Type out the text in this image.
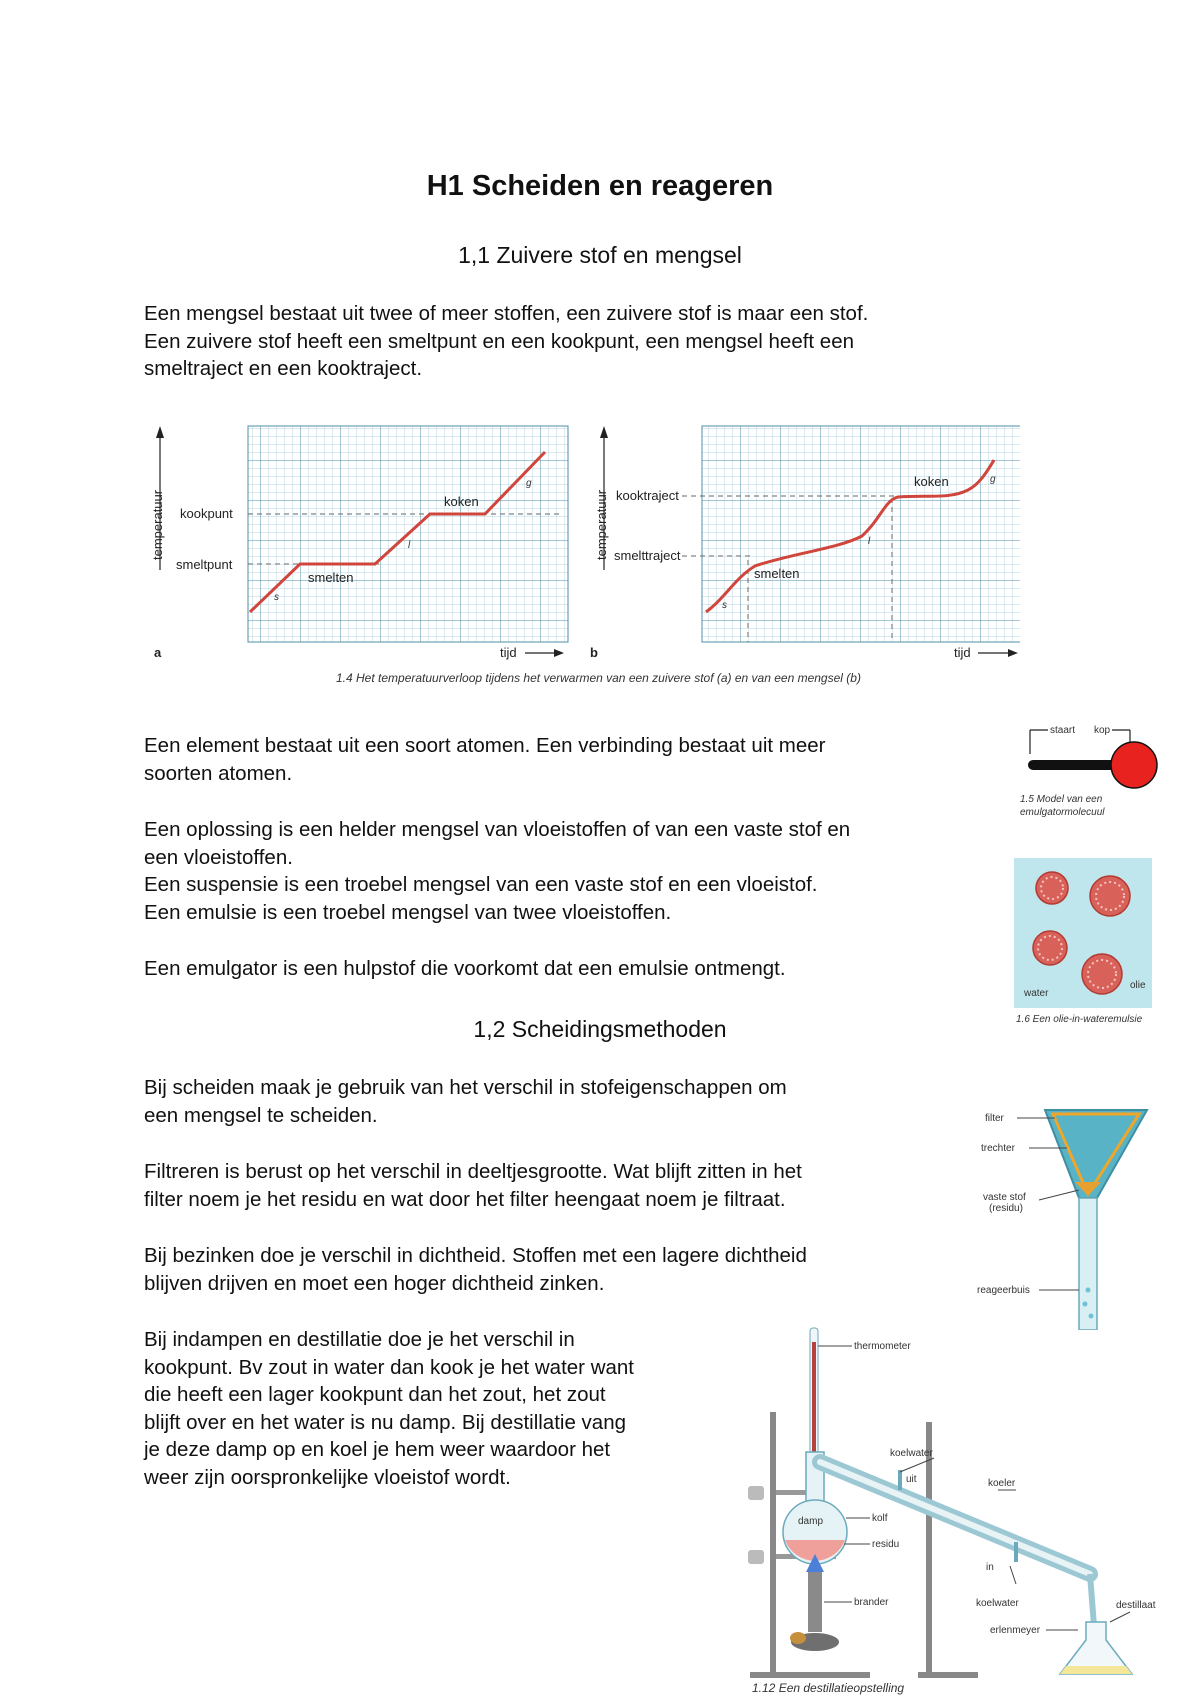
H1 Scheiden en reageren
1,1 Zuivere stof en mengsel
Een mengsel bestaat uit twee of meer stoffen, een zuivere stof is maar een stof.
Een zuivere stof heeft een smeltpunt en een kookpunt, een mengsel heeft een
smeltraject en een kooktraject.
temperatuur kookpunt
smeltpunt
smelten
koken
s
l
g
tijd
a
temperatuur kooktraject
smelttraject
smelten
koken
s
l
g
tijd
b
1.4 Het temperatuurverloop tijdens het verwarmen van een zuivere stof (a) en van een mengsel (b)
Een element bestaat uit een soort atomen. Een verbinding bestaat uit meer
soorten atomen.
Een oplossing is een helder mengsel van vloeistoffen of van een vaste stof en
een vloeistoffen.
Een suspensie is een troebel mengsel van een vaste stof en een vloeistof.
Een emulsie is een troebel mengsel van twee vloeistoffen.
Een emulgator is een hulpstof die voorkomt dat een emulsie ontmengt.
staart kop
1.5 Model van een
emulgatormolecuul
water
olie
1.6 Een olie-in-wateremulsie
1,2 Scheidingsmethoden
Bij scheiden maak je gebruik van het verschil in stofeigenschappen om
een mengsel te scheiden.
Filtreren is berust op het verschil in deeltjesgrootte. Wat blijft zitten in het
filter noem je het residu en wat door het filter heengaat noem je filtraat.
Bij bezinken doe je verschil in dichtheid. Stoffen met een lagere dichtheid
blijven drijven en moet een hoger dichtheid zinken.
Bij indampen en destillatie doe je het verschil in
kookpunt. Bv zout in water dan kook je het water want
die heeft een lager kookpunt dan het zout, het zout
blijft over en het water is nu damp. Bij destillatie vang
je deze damp op en koel je hem weer waardoor het
weer zijn oorspronkelijke vloeistof wordt.
filter
trechter
vaste stof
(residu)
reageerbuis
thermometer
damp	kolf
residu
brander
koelwater
uit	koeler
in
koelwater
erlenmeyer
destillaat
1.12 Een destillatieopstelling
